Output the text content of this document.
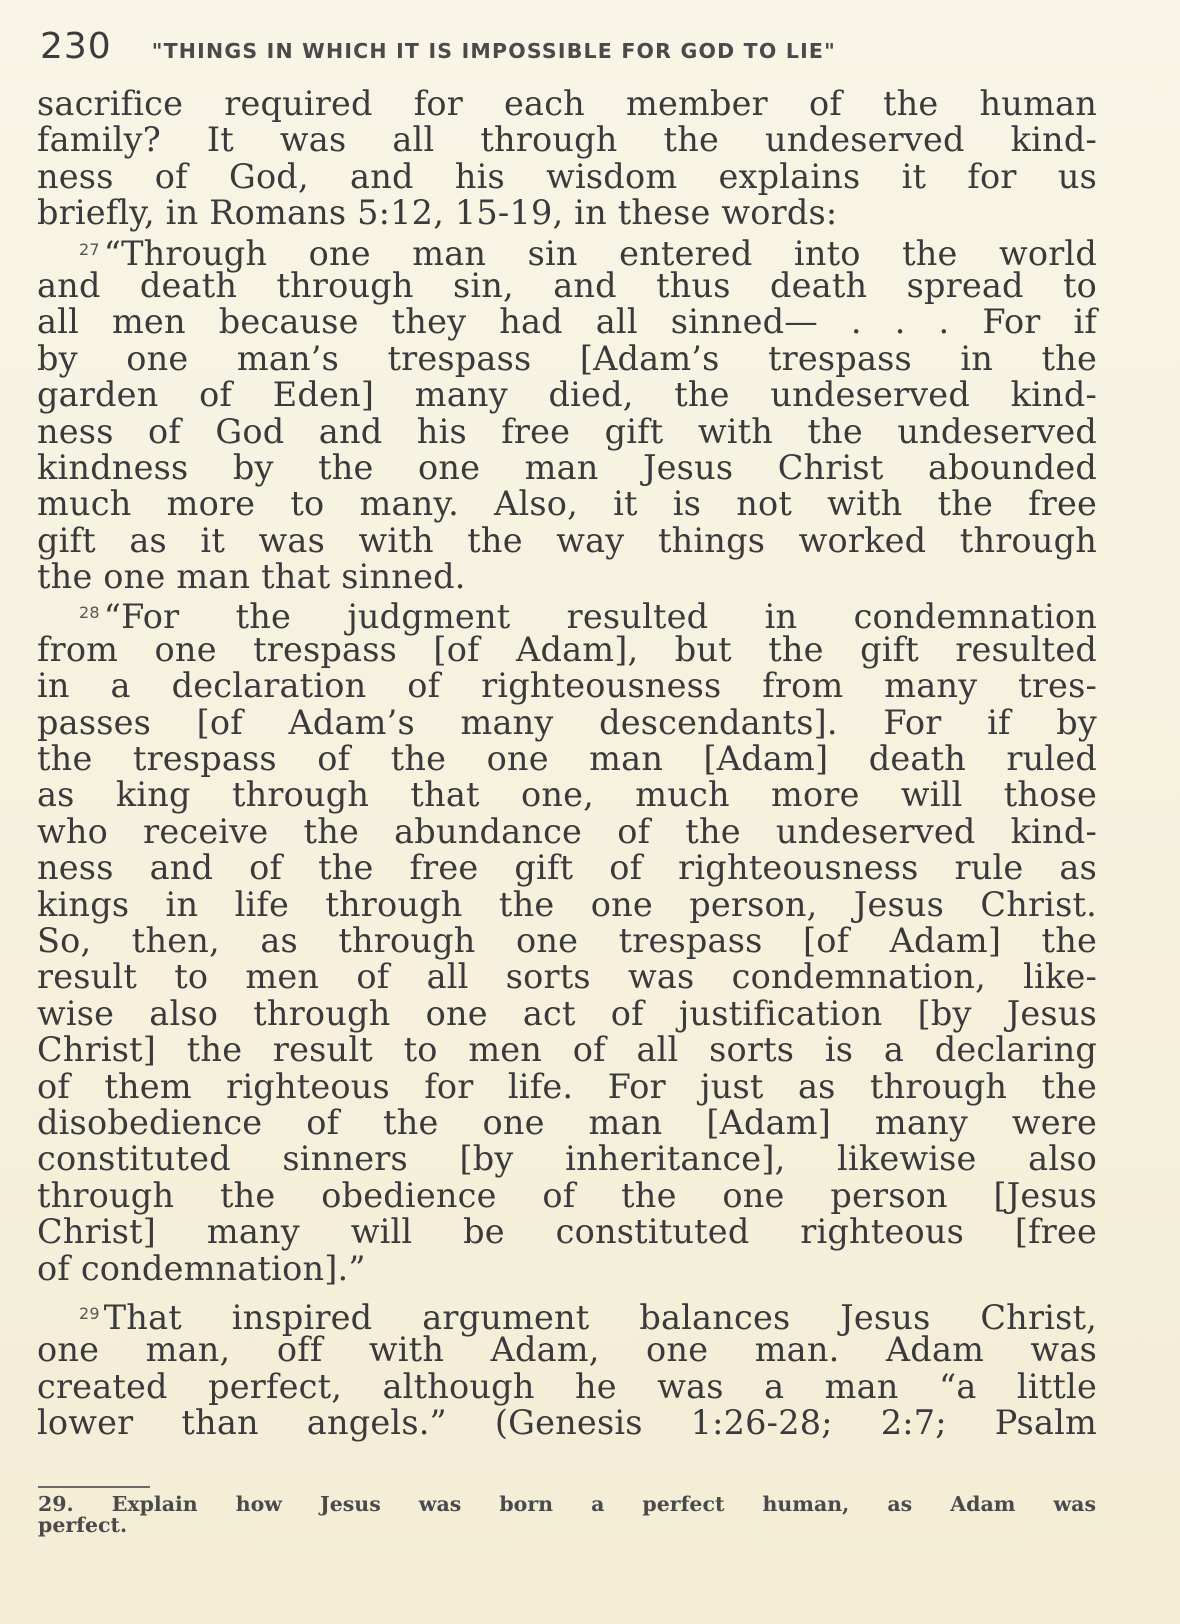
230 "THINGS IN WHICH IT IS IMPOSSIBLE FOR GOD TO LIE"
sacrifice required for each member of the human
family? It was all through the undeserved kind-
ness of God, and his wisdom explains it for us
briefly, in Romans 5:12, 15-19, in these words:
$^{27}$ “Through one man sin entered into the world
and death through sin, and thus death spread to
all men because they had all sinned— . . . For if
by one man’s trespass [Adam’s trespass in the
garden of Eden] many died, the undeserved kind-
ness of God and his free gift with the undeserved
kindness by the one man Jesus Christ abounded
much more to many. Also, it is not with the free
gift as it was with the way things worked through
the one man that sinned.
$^{28}$ “For the judgment resulted in condemnation
from one trespass [of Adam], but the gift resulted
in a declaration of righteousness from many tres-
passes [of Adam’s many descendants]. For if by
the trespass of the one man [Adam] death ruled
as king through that one, much more will those
who receive the abundance of the undeserved kind-
ness and of the free gift of righteousness rule as
kings in life through the one person, Jesus Christ.
So, then, as through one trespass [of Adam] the
result to men of all sorts was condemnation, like-
wise also through one act of justification [by Jesus
Christ] the result to men of all sorts is a declaring
of them righteous for life. For just as through the
disobedience of the one man [Adam] many were
constituted sinners [by inheritance], likewise also
through the obedience of the one person [Jesus
Christ] many will be constituted righteous [free
of condemnation].”
$^{29}$ That inspired argument balances Jesus Christ,
one man, off with Adam, one man. Adam was
created perfect, although he was a man “a little
lower than angels.” (Genesis 1:26-28; 2:7; Psalm
29. Explain how Jesus was born a perfect human, as Adam was
perfect.
